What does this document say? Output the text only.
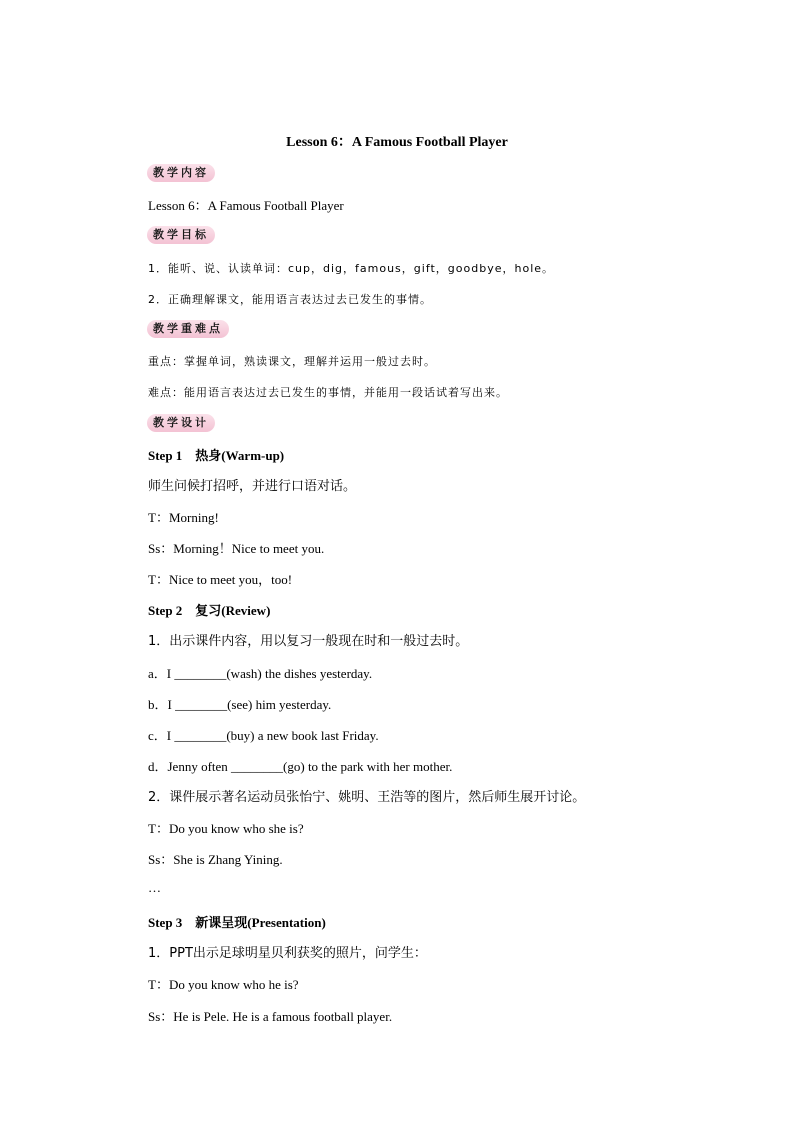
Lesson 6：A Famous Football Player
教学内容
Lesson 6：A Famous Football Player
教学目标
1．能听、说、认读单词：cup，dig，famous，gift，goodbye，hole。
2．正确理解课文，能用语言表达过去已发生的事情。
教学重难点
重点：掌握单词，熟读课文，理解并运用一般过去时。
难点：能用语言表达过去已发生的事情，并能用一段话试着写出来。
教学设计
Step 1　热身(Warm-up)
师生问候打招呼，并进行口语对话。
T：Morning!
Ss：Morning！Nice to meet you.
T：Nice to meet you，too!
Step 2　复习(Review)
1．出示课件内容，用以复习一般现在时和一般过去时。
a．I ________(wash) the dishes yesterday.
b．I ________(see) him yesterday.
c．I ________(buy) a new book last Friday.
d．Jenny often ________(go) to the park with her mother.
2．课件展示著名运动员张怡宁、姚明、王浩等的图片，然后师生展开讨论。
T：Do you know who she is?
Ss：She is Zhang Yining.
…
Step 3　新课呈现(Presentation)
1．PPT出示足球明星贝利获奖的照片，问学生：
T：Do you know who he is?
Ss：He is Pele. He is a famous football player.
